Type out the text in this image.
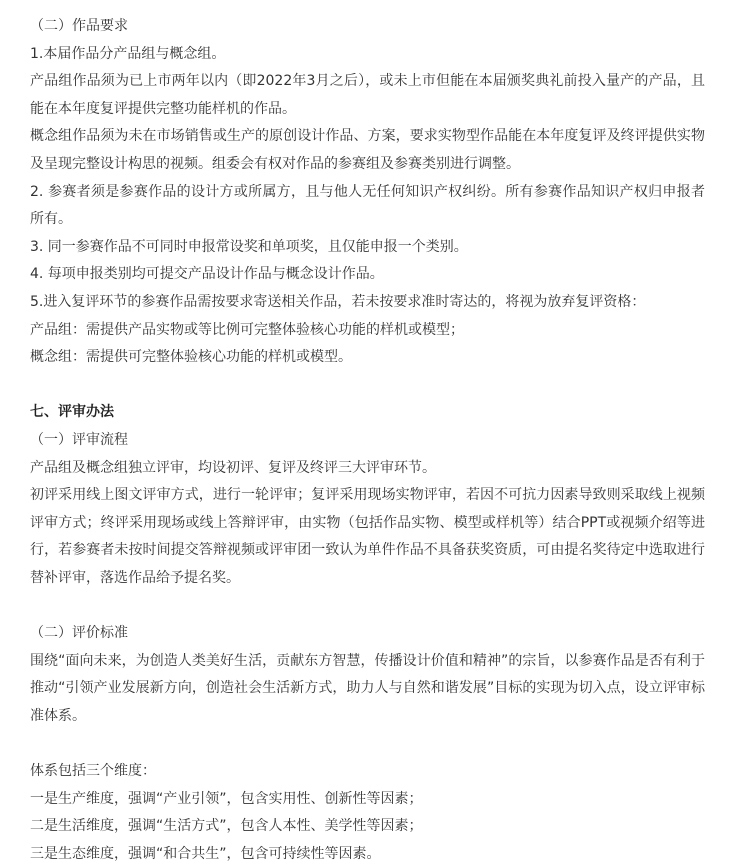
（二）作品要求

1.本届作品分产品组与概念组。

产品组作品须为已上市两年以内（即2022年3月之后），或未上市但能在本届颁奖典礼前投入量产的产品，且能在本年度复评提供完整功能样机的作品。

概念组作品须为未在市场销售或生产的原创设计作品、方案，要求实物型作品能在本年度复评及终评提供实物及呈现完整设计构思的视频。组委会有权对作品的参赛组及参赛类别进行调整。

2. 参赛者须是参赛作品的设计方或所属方，且与他人无任何知识产权纠纷。所有参赛作品知识产权归申报者所有。

3. 同一参赛作品不可同时申报常设奖和单项奖，且仅能申报一个类别。

4. 每项申报类别均可提交产品设计作品与概念设计作品。

5.进入复评环节的参赛作品需按要求寄送相关作品，若未按要求准时寄达的，将视为放弃复评资格：

产品组：需提供产品实物或等比例可完整体验核心功能的样机或模型；

概念组：需提供可完整体验核心功能的样机或模型。

七、评审办法

（一）评审流程

产品组及概念组独立评审，均设初评、复评及终评三大评审环节。

初评采用线上图文评审方式，进行一轮评审；复评采用现场实物评审，若因不可抗力因素导致则采取线上视频评审方式；终评采用现场或线上答辩评审，由实物（包括作品实物、模型或样机等）结合PPT或视频介绍等进行，若参赛者未按时间提交答辩视频或评审团一致认为单件作品不具备获奖资质，可由提名奖待定中选取进行替补评审，落选作品给予提名奖。

（二）评价标准

围绕“面向未来，为创造人类美好生活，贡献东方智慧，传播设计价值和精神”的宗旨，以参赛作品是否有利于推动“引领产业发展新方向，创造社会生活新方式，助力人与自然和谐发展”目标的实现为切入点，设立评审标准体系。

体系包括三个维度：

一是生产维度，强调“产业引领”，包含实用性、创新性等因素；

二是生活维度，强调“生活方式”，包含人本性、美学性等因素；

三是生态维度，强调“和合共生”，包含可持续性等因素。
